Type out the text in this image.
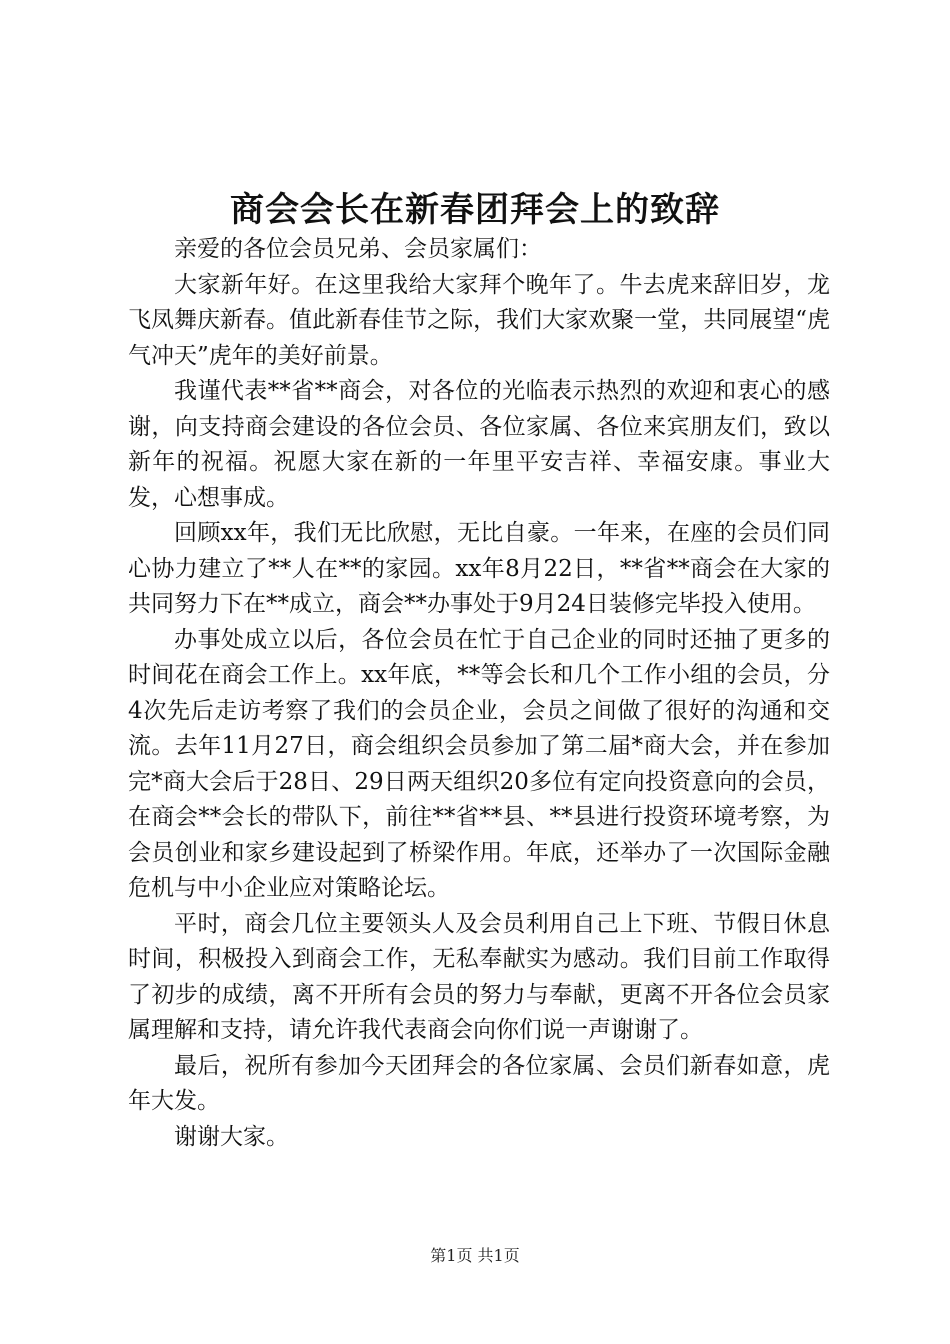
商会会长在新春团拜会上的致辞

亲爱的各位会员兄弟、会员家属们：

大家新年好。在这里我给大家拜个晚年了。牛去虎来辞旧岁，龙飞凤舞庆新春。值此新春佳节之际，我们大家欢聚一堂，共同展望“虎气冲天”虎年的美好前景。

我谨代表**省**商会，对各位的光临表示热烈的欢迎和衷心的感谢，向支持商会建设的各位会员、各位家属、各位来宾朋友们，致以新年的祝福。祝愿大家在新的一年里平安吉祥、幸福安康。事业大发，心想事成。

回顾xx年，我们无比欣慰，无比自豪。一年来，在座的会员们同心协力建立了**人在**的家园。xx年8月22日，**省**商会在大家的共同努力下在**成立，商会**办事处于9月24日装修完毕投入使用。

办事处成立以后，各位会员在忙于自己企业的同时还抽了更多的时间花在商会工作上。xx年底，**等会长和几个工作小组的会员，分4次先后走访考察了我们的会员企业，会员之间做了很好的沟通和交流。去年11月27日，商会组织会员参加了第二届*商大会，并在参加完*商大会后于28日、29日两天组织20多位有定向投资意向的会员，在商会**会长的带队下，前往**省**县、**县进行投资环境考察，为会员创业和家乡建设起到了桥梁作用。年底，还举办了一次国际金融危机与中小企业应对策略论坛。

平时，商会几位主要领头人及会员利用自己上下班、节假日休息时间，积极投入到商会工作，无私奉献实为感动。我们目前工作取得了初步的成绩，离不开所有会员的努力与奉献，更离不开各位会员家属理解和支持，请允许我代表商会向你们说一声谢谢了。

最后，祝所有参加今天团拜会的各位家属、会员们新春如意，虎年大发。

谢谢大家。

第1页 共1页
